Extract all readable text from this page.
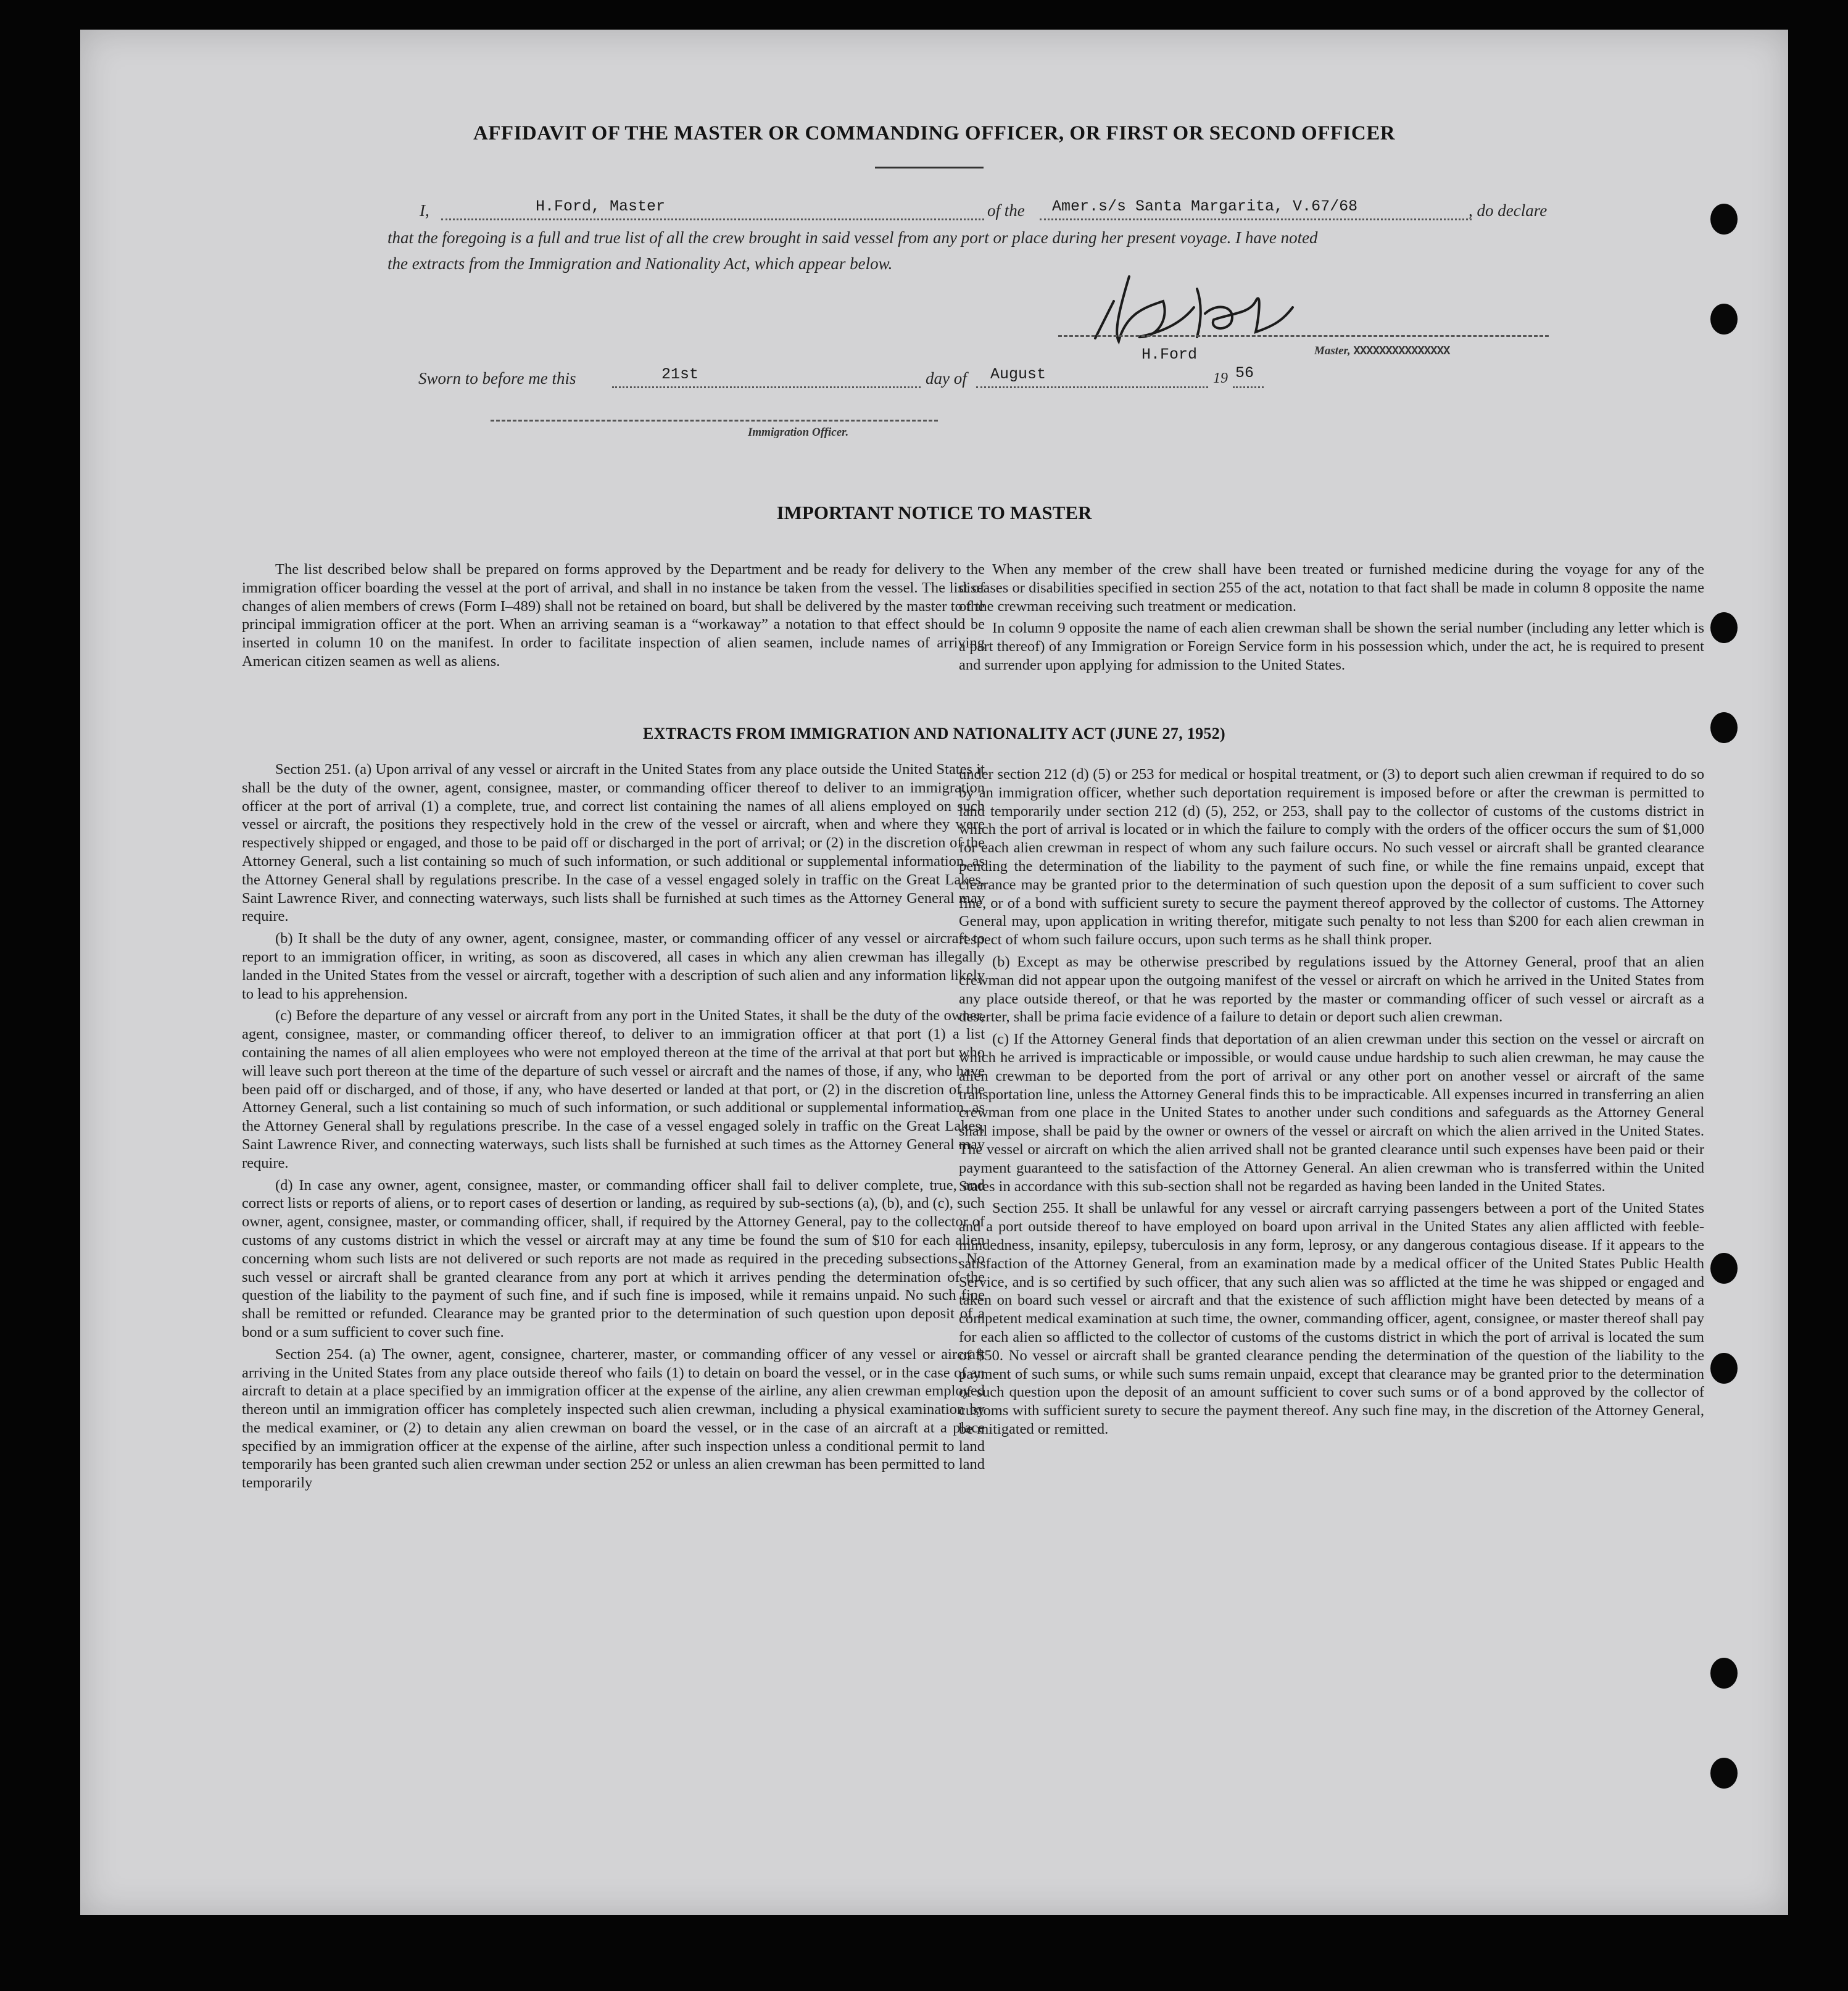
AFFIDAVIT OF THE MASTER OR COMMANDING OFFICER, OR FIRST OR SECOND OFFICER
I,	H.Ford, Master	of the Amer.s/s Santa Margarita, V.67/68	, do declare
that the foregoing is a full and true list of all the crew brought in said vessel from any port or place during her present voyage. I have noted
the extracts from the Immigration and Nationality Act, which appear below.
H.Ford	Master, XXXXXXXXXXXXXXX
Sworn to before me this	21st	day of August	19 56
Immigration Officer.
IMPORTANT NOTICE TO MASTER

The list described below shall be prepared on forms approved by the Department and be ready for delivery to the immigration officer boarding the vessel at the port of arrival, and shall in no instance be taken from the vessel. The list of changes of alien members of crews (Form I–489) shall not be retained on board, but shall be delivered by the master to the principal immigration officer at the port. When an arriving seaman is a “workaway” a notation to that effect should be inserted in column 10 on the manifest. In order to facilitate inspection of alien seamen, include names of arriving American citizen seamen as well as aliens.

When any member of the crew shall have been treated or furnished medicine during the voyage for any of the diseases or disabilities specified in section 255 of the act, notation to that fact shall be made in column 8 opposite the name of the crewman receiving such treatment or medication.

In column 9 opposite the name of each alien crewman shall be shown the serial number (including any letter which is a part thereof) of any Immigration or Foreign Service form in his possession which, under the act, he is required to present and surrender upon applying for admission to the United States.

EXTRACTS FROM IMMIGRATION AND NATIONALITY ACT (JUNE 27, 1952)

Section 251. (a) Upon arrival of any vessel or aircraft in the United States from any place outside the United States it shall be the duty of the owner, agent, consignee, master, or commanding officer thereof to deliver to an immigration officer at the port of arrival (1) a complete, true, and correct list containing the names of all aliens employed on such vessel or aircraft, the positions they respectively hold in the crew of the vessel or aircraft, when and where they were respectively shipped or engaged, and those to be paid off or discharged in the port of arrival; or (2) in the discretion of the Attorney General, such a list containing so much of such information, or such additional or supplemental information, as the Attorney General shall by regulations prescribe. In the case of a vessel engaged solely in traffic on the Great Lakes, Saint Lawrence River, and connecting waterways, such lists shall be furnished at such times as the Attorney General may require.

(b) It shall be the duty of any owner, agent, consignee, master, or commanding officer of any vessel or aircraft to report to an immigration officer, in writing, as soon as discovered, all cases in which any alien crewman has illegally landed in the United States from the vessel or aircraft, together with a description of such alien and any information likely to lead to his apprehension.

(c) Before the departure of any vessel or aircraft from any port in the United States, it shall be the duty of the owner, agent, consignee, master, or commanding officer thereof, to deliver to an immigration officer at that port (1) a list containing the names of all alien employees who were not employed thereon at the time of the arrival at that port but who will leave such port thereon at the time of the departure of such vessel or aircraft and the names of those, if any, who have been paid off or discharged, and of those, if any, who have deserted or landed at that port, or (2) in the discretion of the Attorney General, such a list containing so much of such information, or such additional or supplemental information, as the Attorney General shall by regulations prescribe. In the case of a vessel engaged solely in traffic on the Great Lakes, Saint Lawrence River, and connecting waterways, such lists shall be furnished at such times as the Attorney General may require.

(d) In case any owner, agent, consignee, master, or commanding officer shall fail to deliver complete, true, and correct lists or reports of aliens, or to report cases of desertion or landing, as required by sub-sections (a), (b), and (c), such owner, agent, consignee, master, or commanding officer, shall, if required by the Attorney General, pay to the collector of customs of any customs district in which the vessel or aircraft may at any time be found the sum of $10 for each alien concerning whom such lists are not delivered or such reports are not made as required in the preceding subsections. No such vessel or aircraft shall be granted clearance from any port at which it arrives pending the determination of the question of the liability to the payment of such fine, and if such fine is imposed, while it remains unpaid. No such fine shall be remitted or refunded. Clearance may be granted prior to the determination of such question upon deposit of a bond or a sum sufficient to cover such fine.

Section 254. (a) The owner, agent, consignee, charterer, master, or commanding officer of any vessel or aircraft arriving in the United States from any place outside thereof who fails (1) to detain on board the vessel, or in the case of an aircraft to detain at a place specified by an immigration officer at the expense of the airline, any alien crewman employed thereon until an immigration officer has completely inspected such alien crewman, including a physical examination by the medical examiner, or (2) to detain any alien crewman on board the vessel, or in the case of an aircraft at a place specified by an immigration officer at the expense of the airline, after such inspection unless a conditional permit to land temporarily has been granted such alien crewman under section 252 or unless an alien crewman has been permitted to land temporarily

under section 212 (d) (5) or 253 for medical or hospital treatment, or (3) to deport such alien crewman if required to do so by an immigration officer, whether such deportation requirement is imposed before or after the crewman is permitted to land temporarily under section 212 (d) (5), 252, or 253, shall pay to the collector of customs of the customs district in which the port of arrival is located or in which the failure to comply with the orders of the officer occurs the sum of $1,000 for each alien crewman in respect of whom any such failure occurs. No such vessel or aircraft shall be granted clearance pending the determination of the liability to the payment of such fine, or while the fine remains unpaid, except that clearance may be granted prior to the determination of such question upon the deposit of a sum sufficient to cover such fine, or of a bond with sufficient surety to secure the payment thereof approved by the collector of customs. The Attorney General may, upon application in writing therefor, mitigate such penalty to not less than $200 for each alien crewman in respect of whom such failure occurs, upon such terms as he shall think proper.

(b) Except as may be otherwise prescribed by regulations issued by the Attorney General, proof that an alien crewman did not appear upon the outgoing manifest of the vessel or aircraft on which he arrived in the United States from any place outside thereof, or that he was reported by the master or commanding officer of such vessel or aircraft as a deserter, shall be prima facie evidence of a failure to detain or deport such alien crewman.

(c) If the Attorney General finds that deportation of an alien crewman under this section on the vessel or aircraft on which he arrived is impracticable or impossible, or would cause undue hardship to such alien crewman, he may cause the alien crewman to be deported from the port of arrival or any other port on another vessel or aircraft of the same transportation line, unless the Attorney General finds this to be impracticable. All expenses incurred in transferring an alien crewman from one place in the United States to another under such conditions and safeguards as the Attorney General shall impose, shall be paid by the owner or owners of the vessel or aircraft on which the alien arrived in the United States. The vessel or aircraft on which the alien arrived shall not be granted clearance until such expenses have been paid or their payment guaranteed to the satisfaction of the Attorney General. An alien crewman who is transferred within the United States in accordance with this sub-section shall not be regarded as having been landed in the United States.

Section 255. It shall be unlawful for any vessel or aircraft carrying passengers between a port of the United States and a port outside thereof to have employed on board upon arrival in the United States any alien afflicted with feeble-mindedness, insanity, epilepsy, tuberculosis in any form, leprosy, or any dangerous contagious disease. If it appears to the satisfaction of the Attorney General, from an examination made by a medical officer of the United States Public Health Service, and is so certified by such officer, that any such alien was so afflicted at the time he was shipped or engaged and taken on board such vessel or aircraft and that the existence of such affliction might have been detected by means of a competent medical examination at such time, the owner, commanding officer, agent, consignee, or master thereof shall pay for each alien so afflicted to the collector of customs of the customs district in which the port of arrival is located the sum of $50. No vessel or aircraft shall be granted clearance pending the determination of the question of the liability to the payment of such sums, or while such sums remain unpaid, except that clearance may be granted prior to the determination of such question upon the deposit of an amount sufficient to cover such sums or of a bond approved by the collector of customs with sufficient surety to secure the payment thereof. Any such fine may, in the discretion of the Attorney General, be mitigated or remitted.
